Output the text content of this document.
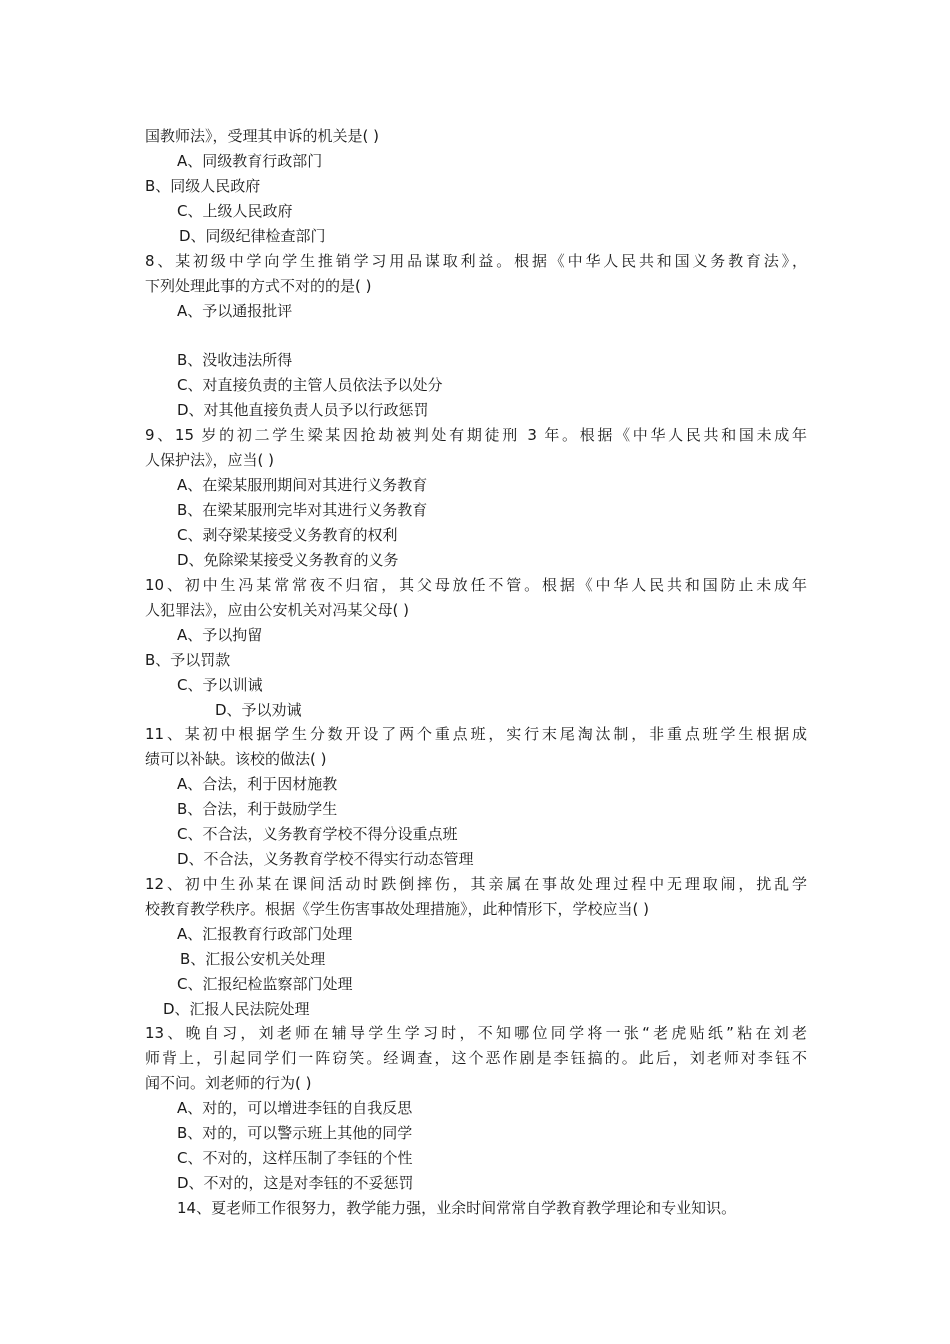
国教师法》，受理其申诉的机关是( )
A、同级教育行政部门
B、同级人民政府
C、上级人民政府
D、同级纪律检查部门
8、某初级中学向学生推销学习用品谋取利益。根据《中华人民共和国义务教育法》，
下列处理此事的方式不对的的是( )
A、予以通报批评
B、没收违法所得
C、对直接负责的主管人员依法予以处分
D、对其他直接负责人员予以行政惩罚
9、15 岁的初二学生梁某因抢劫被判处有期徒刑 3 年。根据《中华人民共和国未成年
人保护法》，应当( )
A、在梁某服刑期间对其进行义务教育
B、在梁某服刑完毕对其进行义务教育
C、剥夺梁某接受义务教育的权利
D、免除梁某接受义务教育的义务
10、初中生冯某常常夜不归宿，其父母放任不管。根据《中华人民共和国防止未成年
人犯罪法》，应由公安机关对冯某父母( )
A、予以拘留
B、予以罚款
C、予以训诫
D、予以劝诫
11、某初中根据学生分数开设了两个重点班，实行末尾淘汰制，非重点班学生根据成
绩可以补缺。该校的做法( )
A、合法，利于因材施教
B、合法，利于鼓励学生
C、不合法，义务教育学校不得分设重点班
D、不合法，义务教育学校不得实行动态管理
12、初中生孙某在课间活动时跌倒摔伤，其亲属在事故处理过程中无理取闹，扰乱学
校教育教学秩序。根据《学生伤害事故处理措施》，此种情形下，学校应当( )
A、汇报教育行政部门处理
B、汇报公安机关处理
C、汇报纪检监察部门处理
D、汇报人民法院处理
13、晚自习，刘老师在辅导学生学习时，不知哪位同学将一张“老虎贴纸”粘在刘老
师背上，引起同学们一阵窃笑。经调查，这个恶作剧是李钰搞的。此后，刘老师对李钰不
闻不问。刘老师的行为( )
A、对的，可以增进李钰的自我反思
B、对的，可以警示班上其他的同学
C、不对的，这样压制了李钰的个性
D、不对的，这是对李钰的不妥惩罚
14、夏老师工作很努力，教学能力强，业余时间常常自学教育教学理论和专业知识。
